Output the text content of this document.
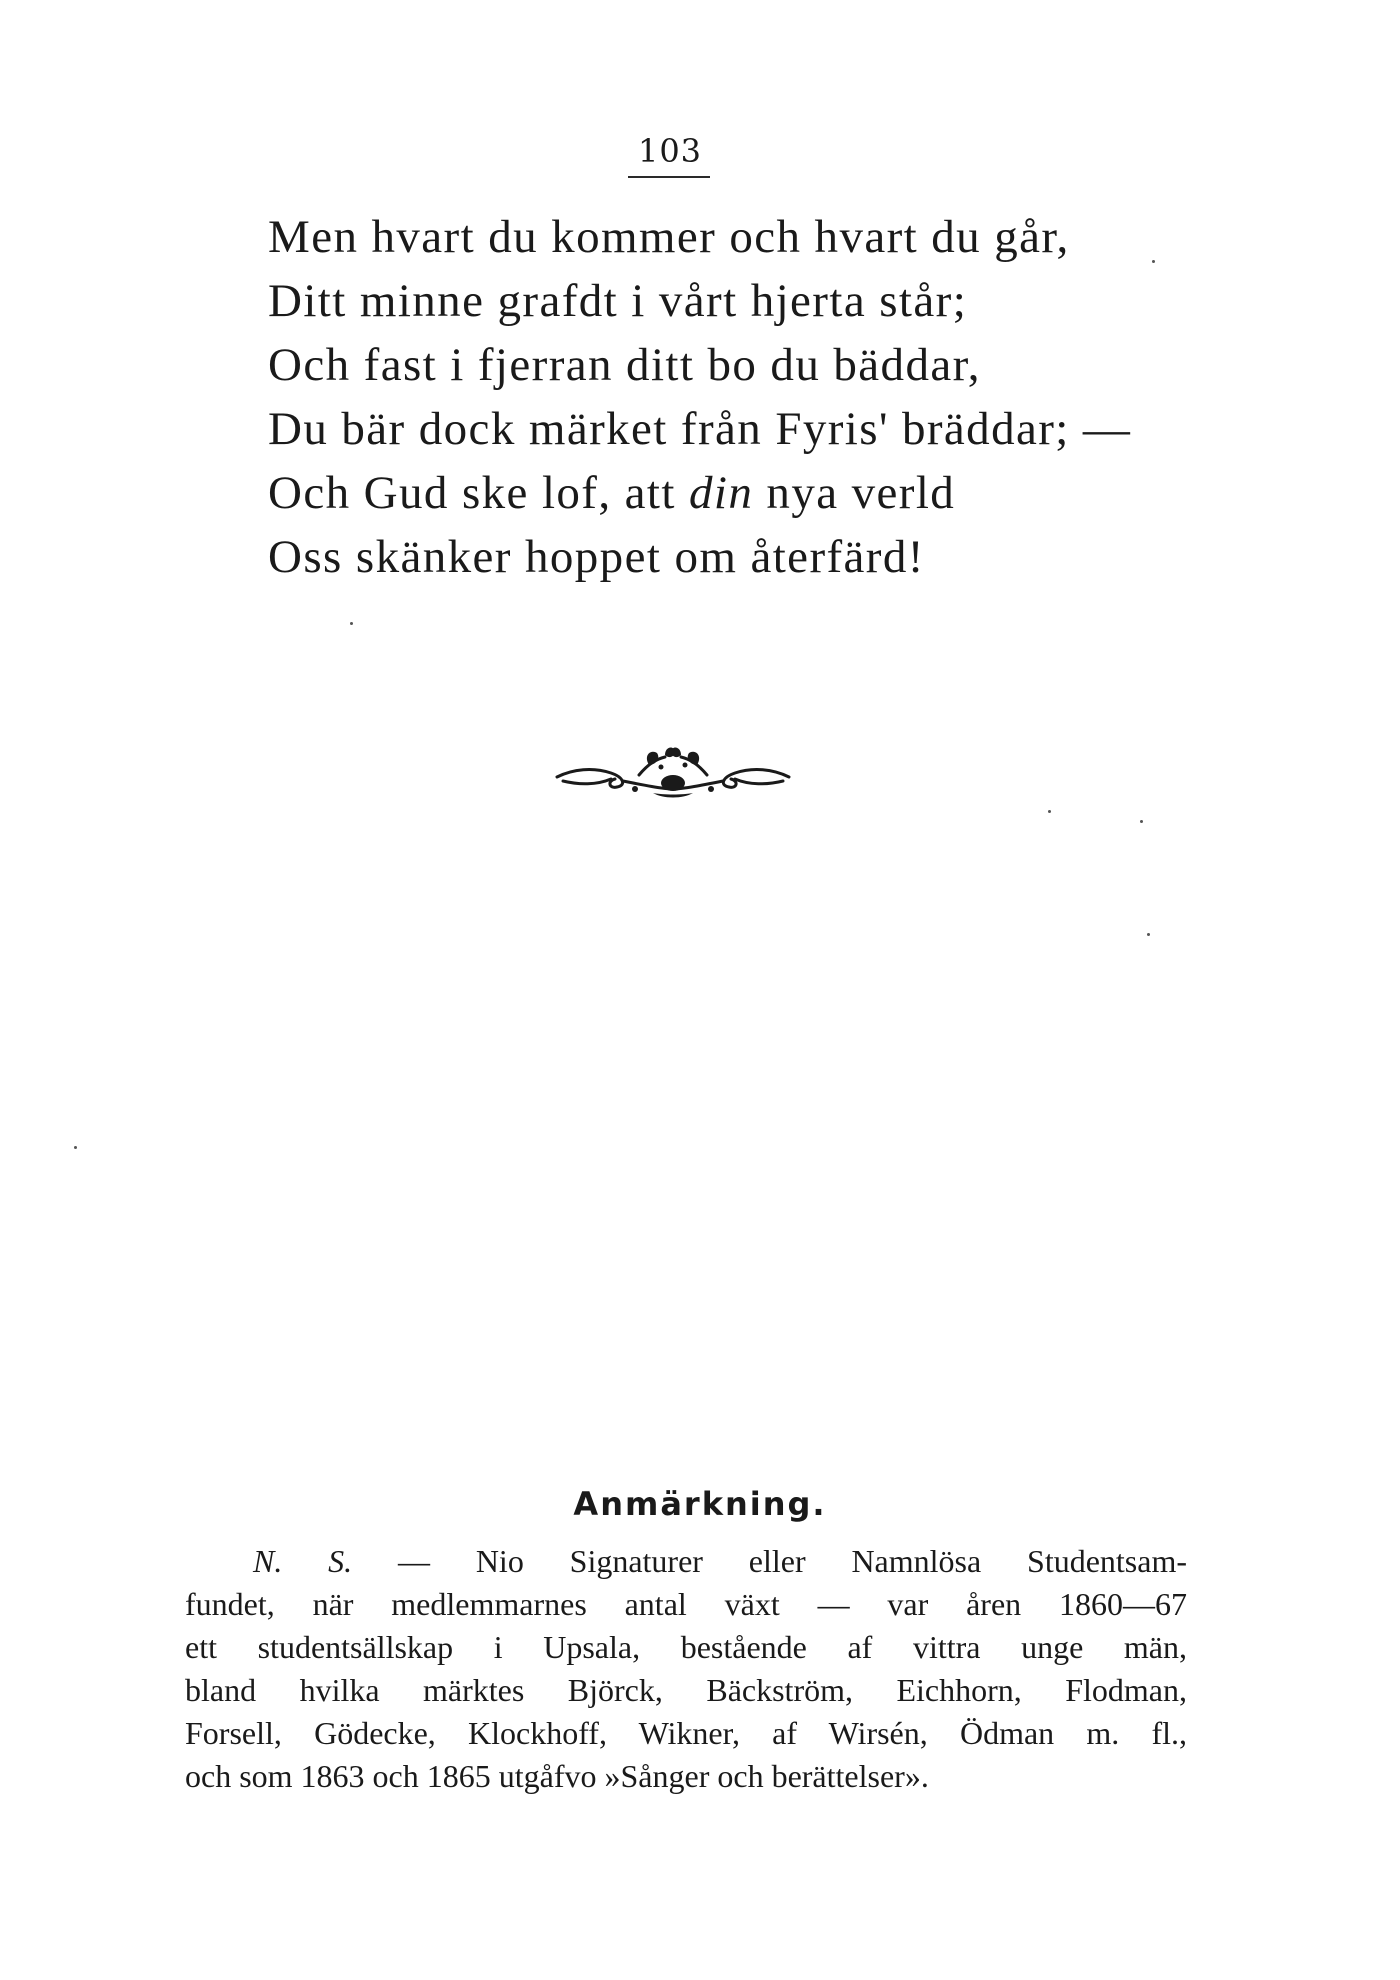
103
Men hvart du kommer och hvart du går,
Ditt minne grafdt i vårt hjerta står;
Och fast i fjerran ditt bo du bäddar,
Du bär dock märket från Fyris' bräddar; —
Och Gud ske lof, att din nya verld
Oss skänker hoppet om återfärd!
Anmärkning.
N. S. — Nio Signaturer eller Namnlösa Studentsam-
fundet, när medlemmarnes antal växt — var åren 1860—67
ett studentsällskap i Upsala, bestående af vittra unge män,
bland hvilka märktes Björck, Bäckström, Eichhorn, Flodman,
Forsell, Gödecke, Klockhoff, Wikner, af Wirsén, Ödman m. fl.,
och som 1863 och 1865 utgåfvo »Sånger och berättelser».
